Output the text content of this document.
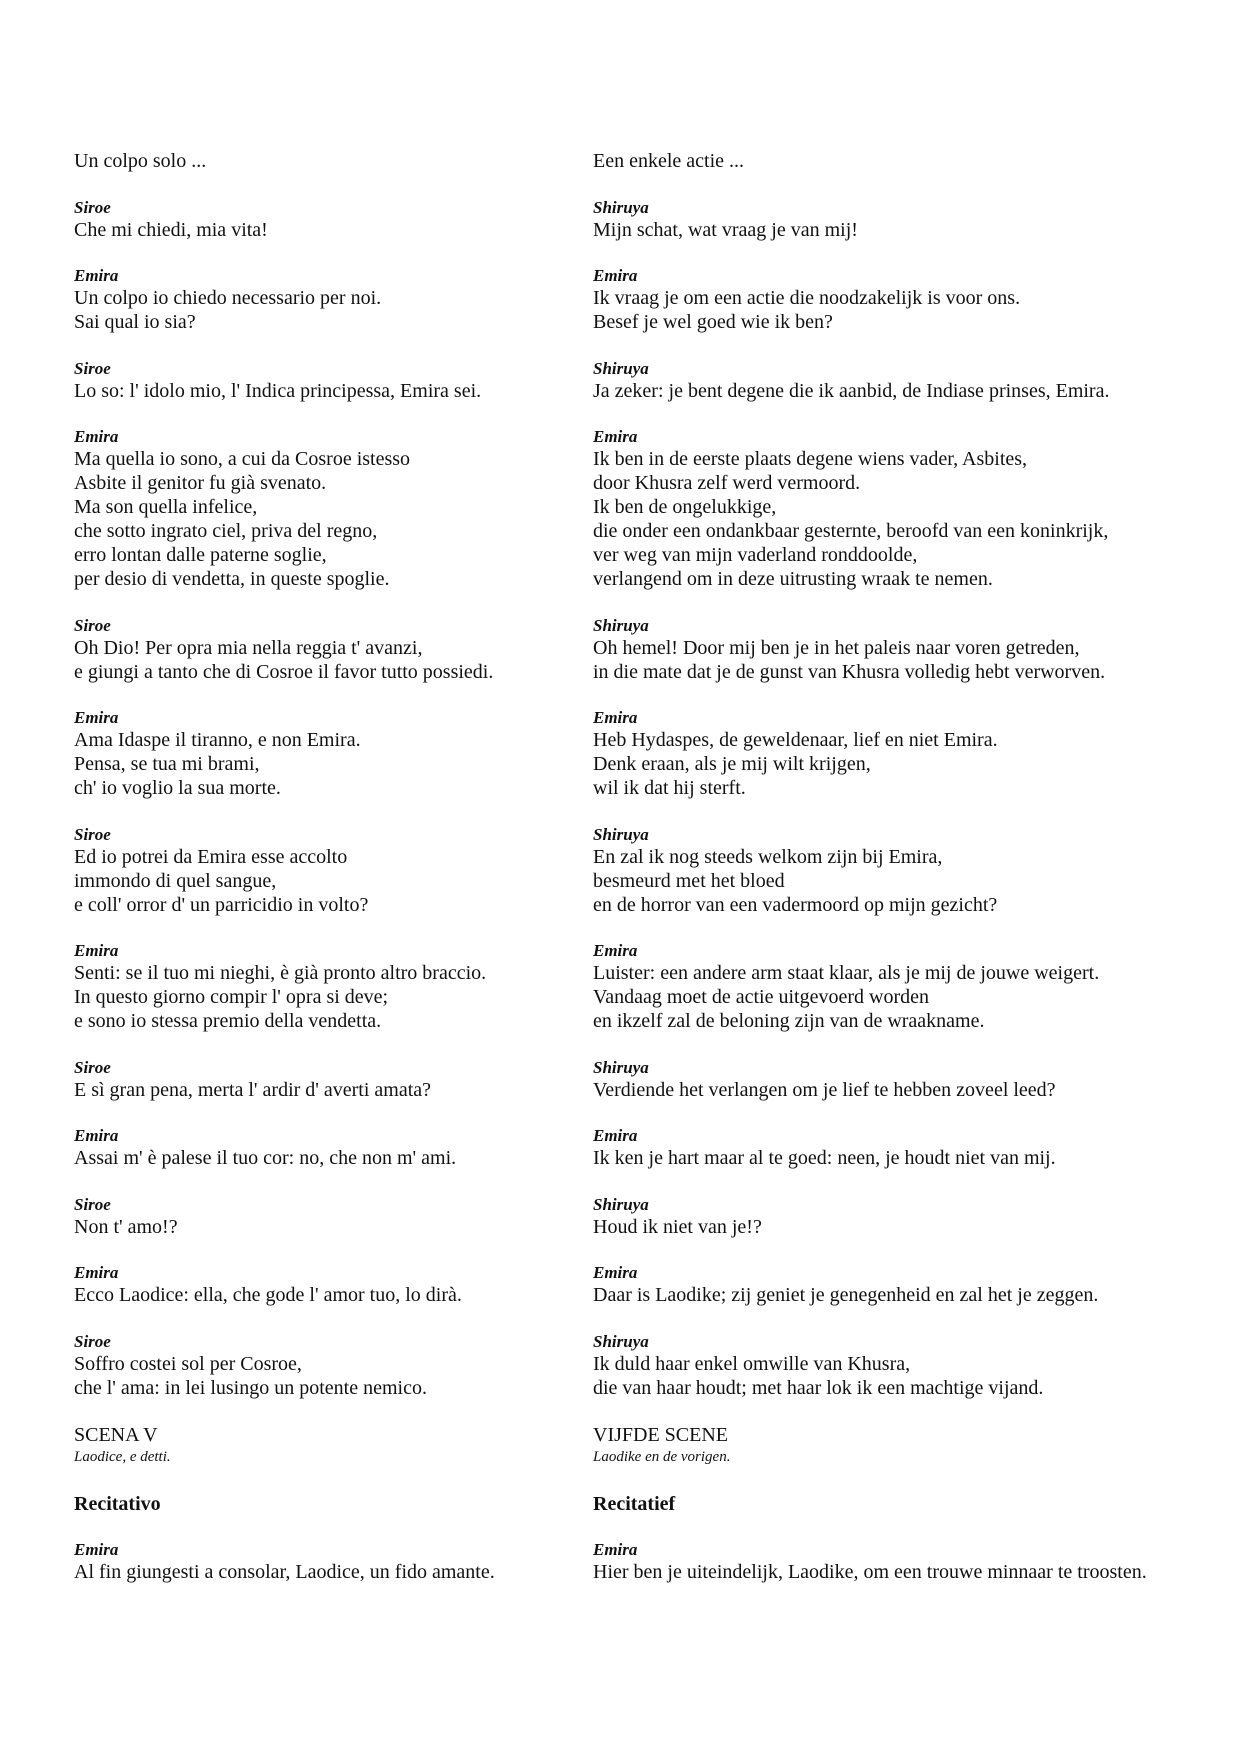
Un colpo solo ...

Siroe

Che mi chiedi, mia vita!

Emira

Un colpo io chiedo necessario per noi.

Sai qual io sia?

Siroe

Lo so: l' idolo mio, l' Indica principessa, Emira sei.

Emira

Ma quella io sono, a cui da Cosroe istesso

Asbite il genitor fu già svenato.

Ma son quella infelice,

che sotto ingrato ciel, priva del regno,

erro lontan dalle paterne soglie,

per desio di vendetta, in queste spoglie.

Siroe

Oh Dio! Per opra mia nella reggia t' avanzi,

e giungi a tanto che di Cosroe il favor tutto possiedi.

Emira

Ama Idaspe il tiranno, e non Emira.

Pensa, se tua mi brami,

ch' io voglio la sua morte.

Siroe

Ed io potrei da Emira esse accolto

immondo di quel sangue,

e coll' orror d' un parricidio in volto?

Emira

Senti: se il tuo mi nieghi, è già pronto altro braccio.

In questo giorno compir l' opra si deve;

e sono io stessa premio della vendetta.

Siroe

E sì gran pena, merta l' ardir d' averti amata?

Emira

Assai m' è palese il tuo cor: no, che non m' ami.

Siroe

Non t' amo!?

Emira

Ecco Laodice: ella, che gode l' amor tuo, lo dirà.

Siroe

Soffro costei sol per Cosroe,

che l' ama: in lei lusingo un potente nemico.

SCENA V

Laodice, e detti.

Recitativo

Emira

Al fin giungesti a consolar, Laodice, un fido amante.

Een enkele actie ...

Shiruya

Mijn schat, wat vraag je van mij!

Emira

Ik vraag je om een actie die noodzakelijk is voor ons.

Besef je wel goed wie ik ben?

Shiruya

Ja zeker: je bent degene die ik aanbid, de Indiase prinses, Emira.

Emira

Ik ben in de eerste plaats degene wiens vader, Asbites,

door Khusra zelf werd vermoord.

Ik ben de ongelukkige,

die onder een ondankbaar gesternte, beroofd van een koninkrijk,

ver weg van mijn vaderland ronddoolde,

verlangend om in deze uitrusting wraak te nemen.

Shiruya

Oh hemel! Door mij ben je in het paleis naar voren getreden,

in die mate dat je de gunst van Khusra volledig hebt verworven.

Emira

Heb Hydaspes, de geweldenaar, lief en niet Emira.

Denk eraan, als je mij wilt krijgen,

wil ik dat hij sterft.

Shiruya

En zal ik nog steeds welkom zijn bij Emira,

besmeurd met het bloed

en de horror van een vadermoord op mijn gezicht?

Emira

Luister: een andere arm staat klaar, als je mij de jouwe weigert.

Vandaag moet de actie uitgevoerd worden

en ikzelf zal de beloning zijn van de wraakname.

Shiruya

Verdiende het verlangen om je lief te hebben zoveel leed?

Emira

Ik ken je hart maar al te goed: neen, je houdt niet van mij.

Shiruya

Houd ik niet van je!?

Emira

Daar is Laodike; zij geniet je genegenheid en zal het je zeggen.

Shiruya

Ik duld haar enkel omwille van Khusra,

die van haar houdt; met haar lok ik een machtige vijand.

VIJFDE SCENE

Laodike en de vorigen.

Recitatief

Emira

Hier ben je uiteindelijk, Laodike, om een trouwe minnaar te troosten.
